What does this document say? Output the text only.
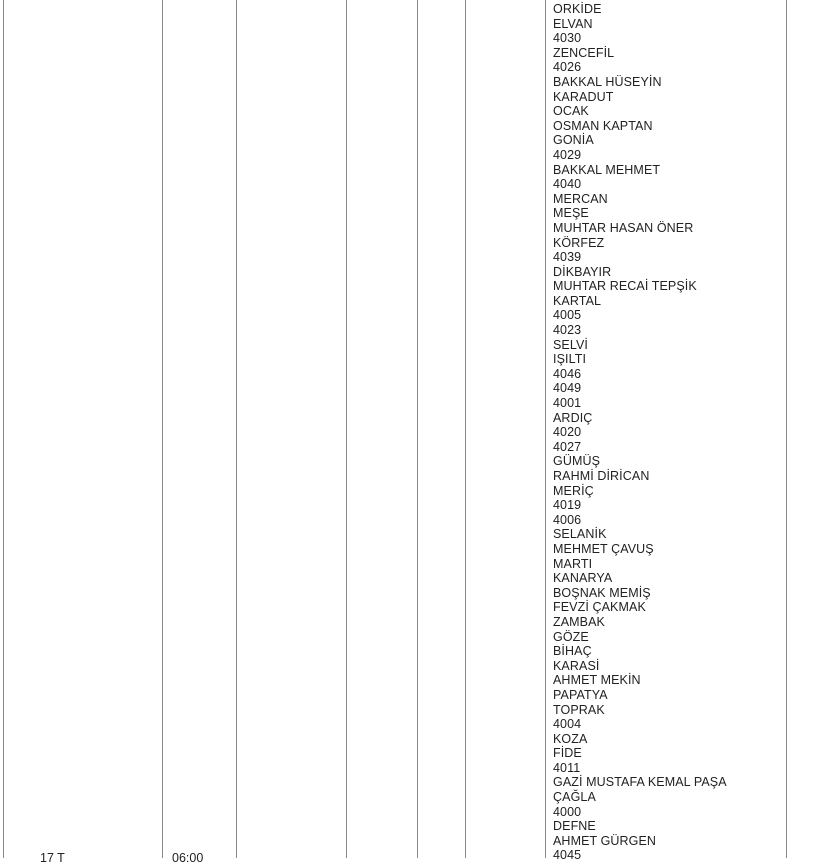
ORKİDE
ELVAN
4030
ZENCEFİL
4026
BAKKAL HÜSEYİN
KARADUT
OCAK
OSMAN KAPTAN
GONİA
4029
BAKKAL MEHMET
4040
MERCAN
MEŞE
MUHTAR HASAN ÖNER
KÖRFEZ
4039
DİKBAYIR
MUHTAR RECAİ TEPŞİK
KARTAL
4005
4023
SELVİ
IŞILTI
4046
4049
4001
ARDIÇ
4020
4027
GÜMÜŞ
RAHMİ DİRİCAN
MERİÇ
4019
4006
SELANİK
MEHMET ÇAVUŞ
MARTI
KANARYA
BOŞNAK MEMİŞ
FEVZİ ÇAKMAK
ZAMBAK
GÖZE
BİHAÇ
KARASİ
AHMET MEKİN
PAPATYA
TOPRAK
4004
KOZA
FİDE
4011
GAZİ MUSTAFA KEMAL PAŞA
ÇAĞLA
4000
DEFNE
AHMET GÜRGEN
4045
17 T	06:00
